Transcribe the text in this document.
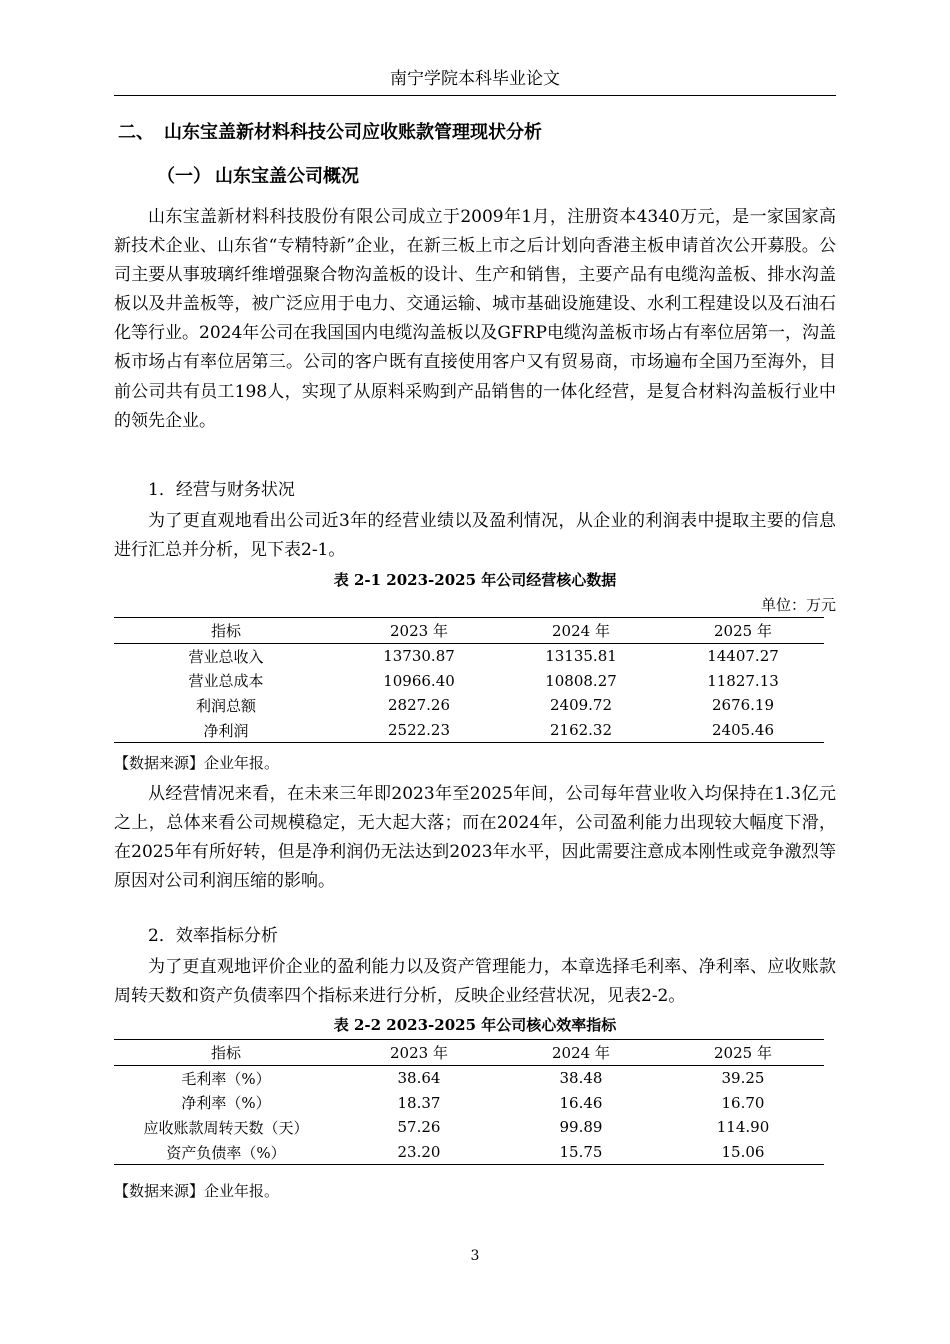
南宁学院本科毕业论文
二、 山东宝盖新材料科技公司应收账款管理现状分析
（一） 山东宝盖公司概况

山东宝盖新材料科技股份有限公司成立于2009年1月，注册资本4340万元，是一家国家高新技术企业、山东省“专精特新”企业，在新三板上市之后计划向香港主板申请首次公开募股。公司主要从事玻璃纤维增强聚合物沟盖板的设计、生产和销售，主要产品有电缆沟盖板、排水沟盖板以及井盖板等，被广泛应用于电力、交通运输、城市基础设施建设、水利工程建设以及石油石化等行业。2024年公司在我国国内电缆沟盖板以及GFRP电缆沟盖板市场占有率位居第一，沟盖板市场占有率位居第三。公司的客户既有直接使用客户又有贸易商，市场遍布全国乃至海外，目前公司共有员工198人，实现了从原料采购到产品销售的一体化经营，是复合材料沟盖板行业中的领先企业。

1．经营与财务状况

为了更直观地看出公司近3年的经营业绩以及盈利情况，从企业的利润表中提取主要的信息进行汇总并分析，见下表2-1。

表 2-1 2023-2025 年公司经营核心数据
单位：万元
指标	2023 年	2024 年	2025 年
营业总收入	13730.87	13135.81	14407.27
营业总成本	10966.40	10808.27	11827.13
利润总额	2827.26	2409.72	2676.19
净利润	2522.23	2162.32	2405.46
【数据来源】企业年报。

从经营情况来看，在未来三年即2023年至2025年间，公司每年营业收入均保持在1.3亿元之上，总体来看公司规模稳定，无大起大落；而在2024年，公司盈利能力出现较大幅度下滑，在2025年有所好转，但是净利润仍无法达到2023年水平，因此需要注意成本刚性或竞争激烈等原因对公司利润压缩的影响。

2．效率指标分析

为了更直观地评价企业的盈利能力以及资产管理能力，本章选择毛利率、净利率、应收账款周转天数和资产负债率四个指标来进行分析，反映企业经营状况，见表2-2。

表 2-2 2023-2025 年公司核心效率指标
指标	2023 年	2024 年	2025 年
毛利率（%）	38.64	38.48	39.25
净利率（%）	18.37	16.46	16.70
应收账款周转天数（天）	57.26	99.89	114.90
资产负债率（%）	23.20	15.75	15.06
【数据来源】企业年报。
3
